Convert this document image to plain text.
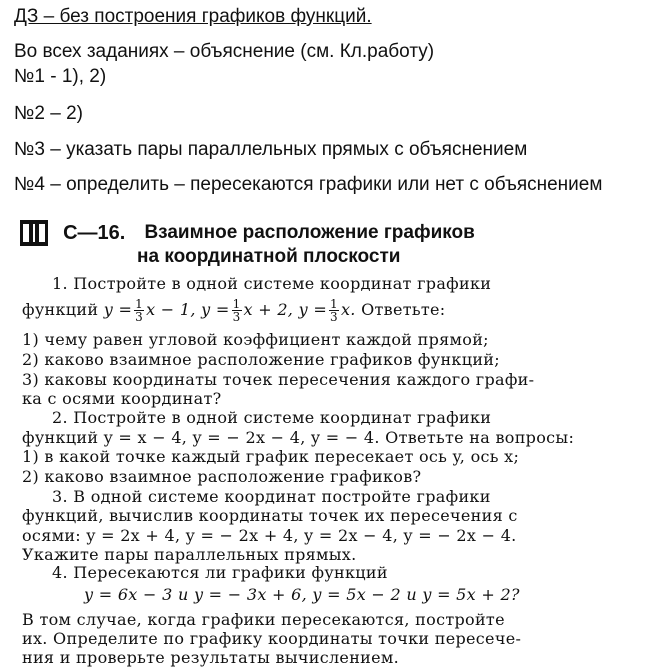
ДЗ – без построения графиков функций.
Во всех заданиях – объяснение (см. Кл.работу)
№1 - 1), 2)
№2 – 2)
№3 – указать пары параллельных прямых с объяснением
№4 – определить – пересекаются графики или нет с объяснением
С—16. Взаимное расположение графиков
на координатной плоскости
1. Постройте в одной системе координат графики
функций $y = \frac{1}{3}$ x − 1, $y = \frac{1}{3}$ x + 2, $y = \frac{1}{3} x$. Ответьте:
1) чему равен угловой коэффициент каждой прямой;
2) каково взаимное расположение графиков функций;
3) каковы координаты точек пересечения каждого графи-
ка с осями координат?
2. Постройте в одной системе координат графики
функций y = x − 4, y = − 2x − 4, y = − 4. Ответьте на вопросы:
1) в какой точке каждый график пересекает ось y, ось x;
2) каково взаимное расположение графиков?
3. В одной системе координат постройте графики
функций, вычислив координаты точек их пересечения с
осями: y = 2x + 4, y = − 2x + 4, y = 2x − 4, y = − 2x − 4.
Укажите пары параллельных прямых.
4. Пересекаются ли графики функций
y = 6x − 3 и y = − 3x + 6, y = 5x − 2 и y = 5x + 2?
В том случае, когда графики пересекаются, постройте
их. Определите по графику координаты точки пересече-
ния и проверьте результаты вычислением.
